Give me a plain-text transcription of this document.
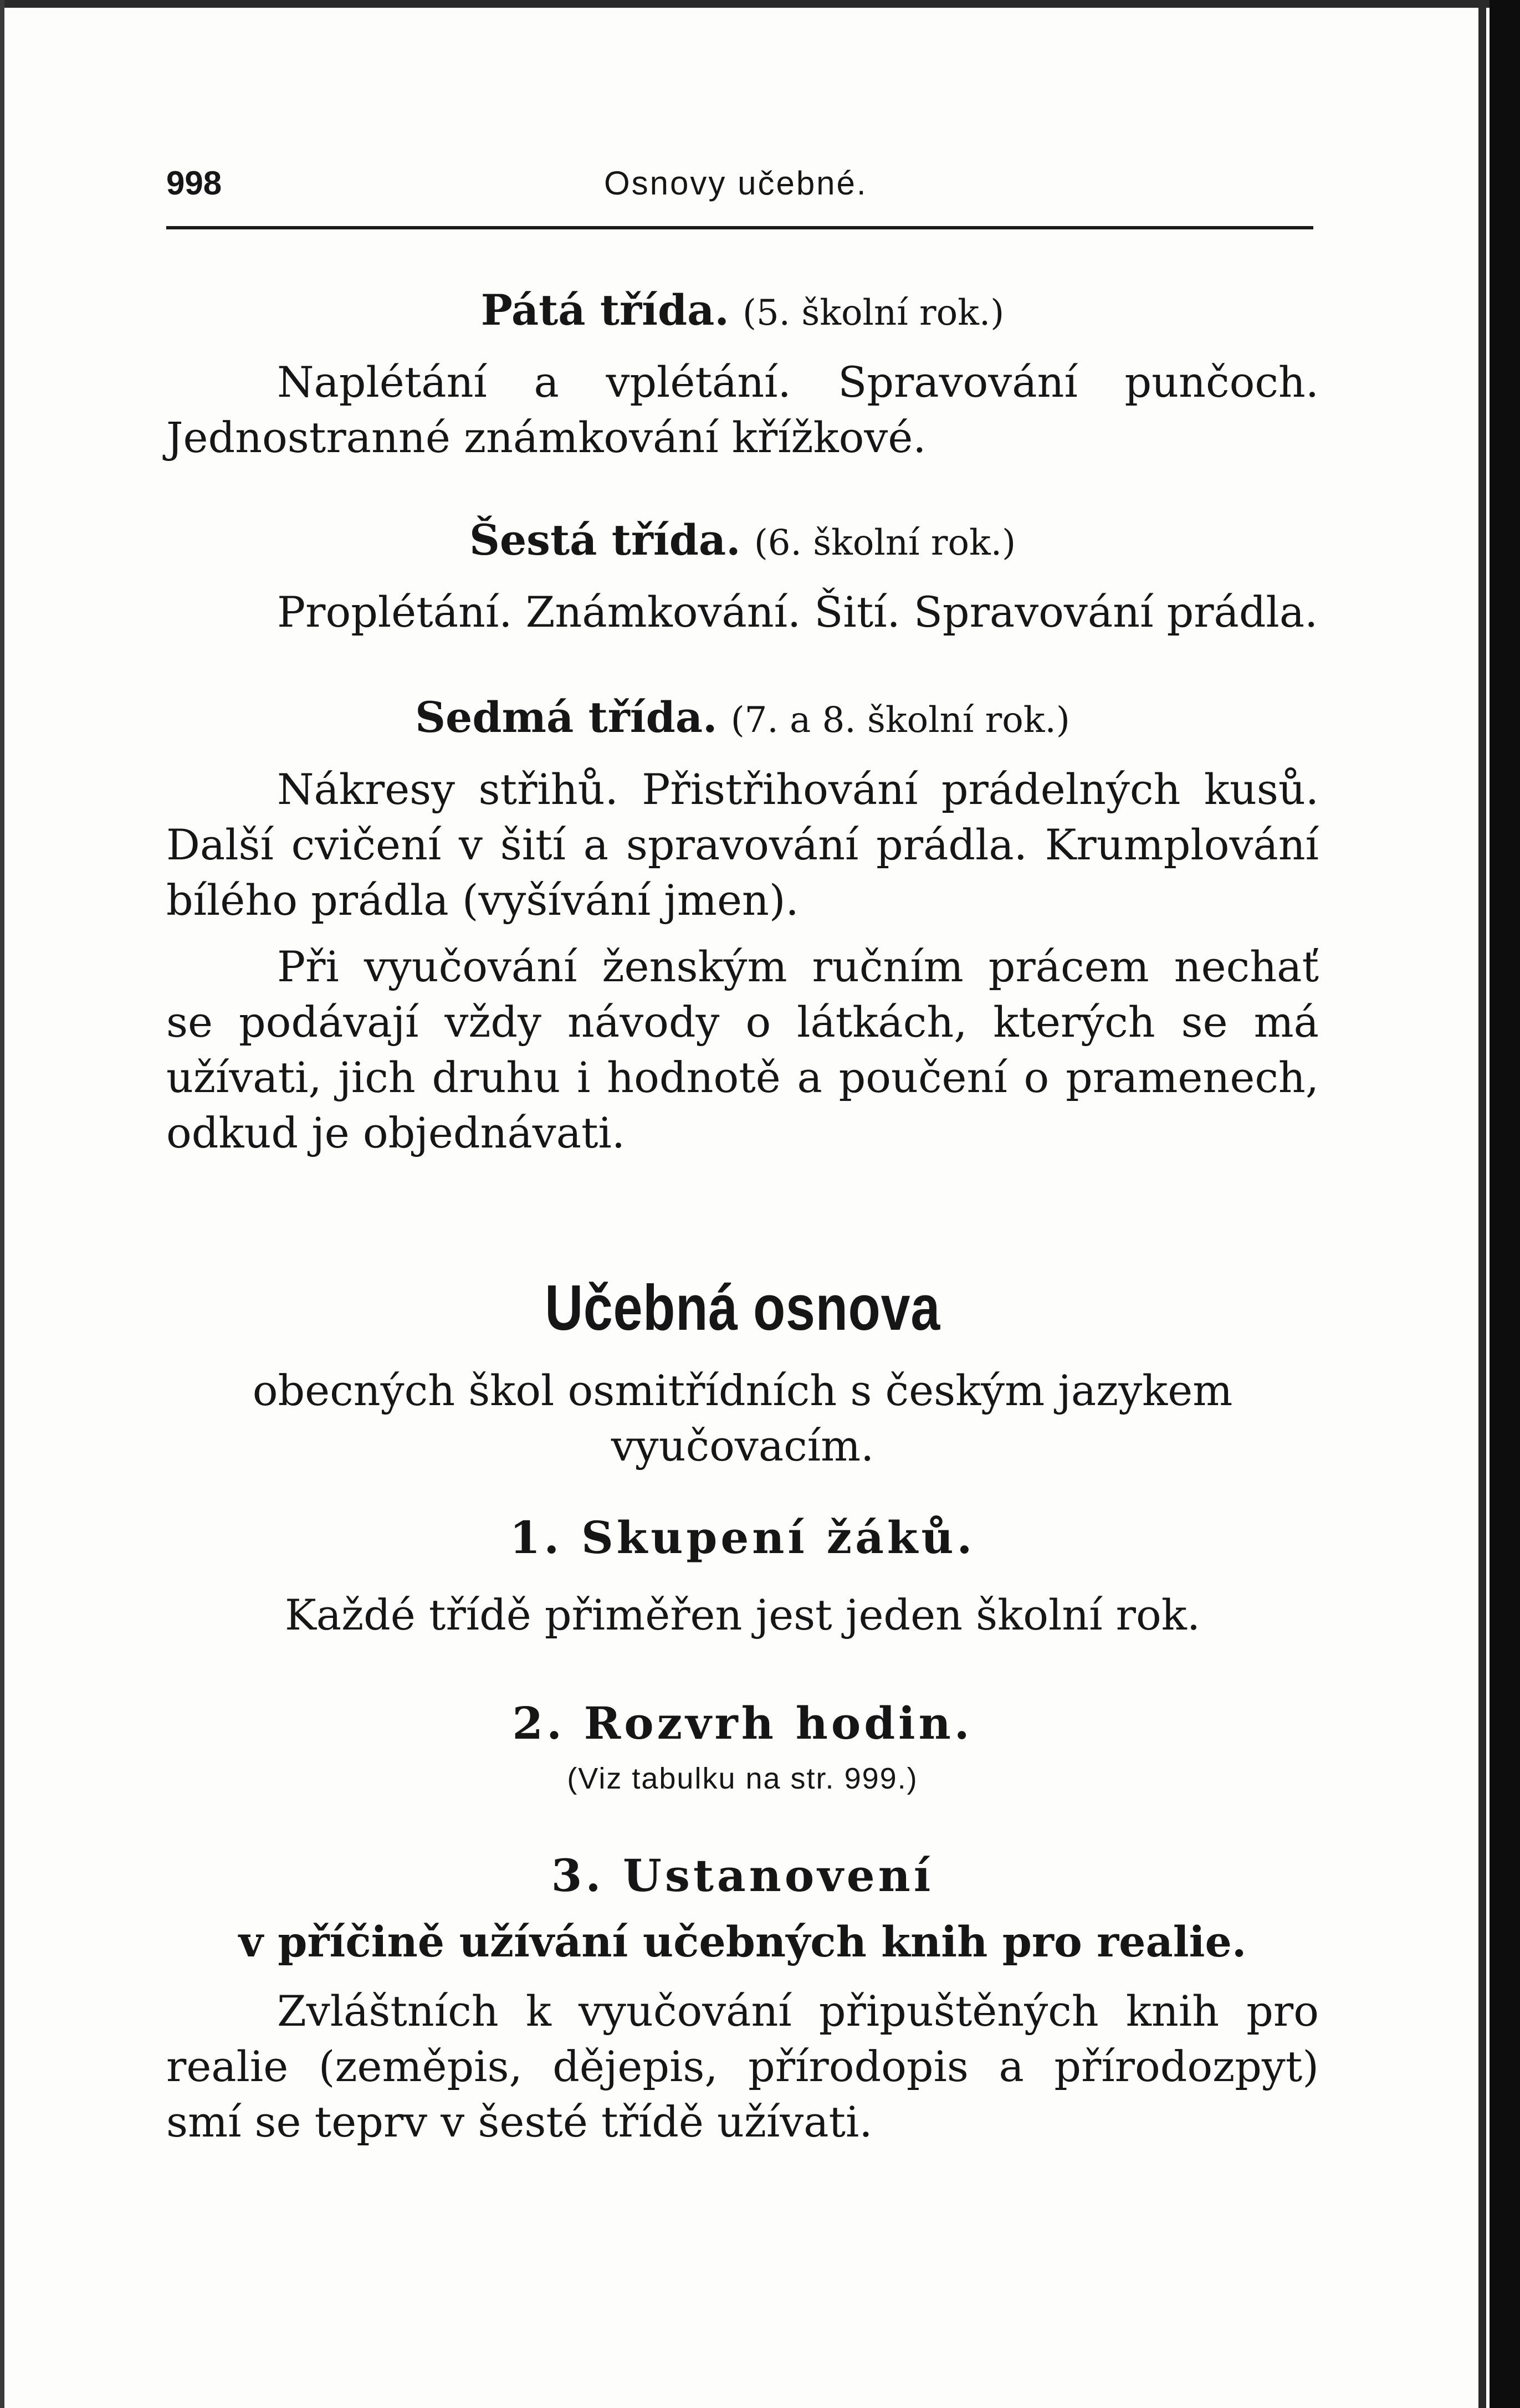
998	Osnovy učebné.

Pátá třída. (5. školní rok.)

Naplétání a vplétání. Spravování punčoch. Jednostranné známkování křížkové.

Šestá třída. (6. školní rok.)

Proplétání. Známkování. Šití. Spravování prádla.

Sedmá třída. (7. a 8. školní rok.)

Nákresy střihů. Přistřihování prádelných kusů. Další cvičení v šití a spravování prádla. Krumplování bílého prádla (vyšívání jmen).

Při vyučování ženským ručním prácem nechať se podávají vždy návody o látkách, kterých se má užívati, jich druhu i hodnotě a poučení o pramenech, odkud je objednávati.

Učebná osnova

obecných škol osmitřídních s českým jazykem vyučovacím.

1. Skupení žáků.

Každé třídě přiměřen jest jeden školní rok.

2. Rozvrh hodin.

(Viz tabulku na str. 999.)

3. Ustanovení

v příčině užívání učebných knih pro realie.

Zvláštních k vyučování připuštěných knih pro realie (zeměpis, dějepis, přírodopis a přírodozpyt) smí se teprv v šesté třídě užívati.
